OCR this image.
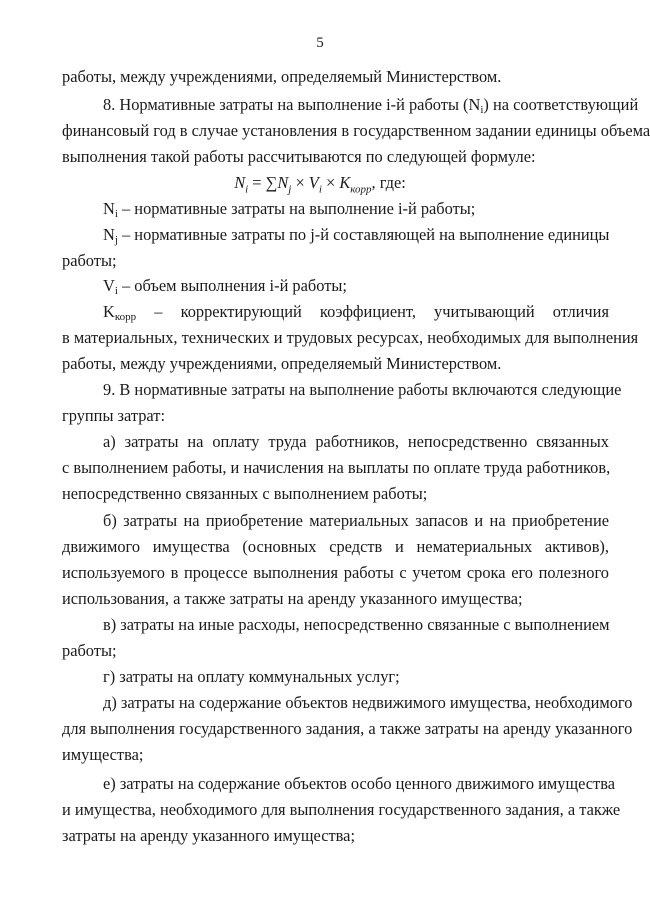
5
работы, между учреждениями, определяемый Министерством.
8. Нормативные затраты на выполнение i-й работы (Ni) на соответствующий
финансовый год в случае установления в государственном задании единицы объема
выполнения такой работы рассчитываются по следующей формуле:
Ni – нормативные затраты на выполнение i-й работы;
Nj – нормативные затраты по j-й составляющей на выполнение единицы
работы;
Vi – объем выполнения i-й работы;
Kкорр – корректирующий коэффициент, учитывающий отличия
в материальных, технических и трудовых ресурсах, необходимых для выполнения
работы, между учреждениями, определяемый Министерством.
9. В нормативные затраты на выполнение работы включаются следующие
группы затрат:
а) затраты на оплату труда работников, непосредственно связанных
с выполнением работы, и начисления на выплаты по оплате труда работников,
непосредственно связанных с выполнением работы;
б) затраты на приобретение материальных запасов и на приобретение
движимого имущества (основных средств и нематериальных активов),
используемого в процессе выполнения работы с учетом срока его полезного
использования, а также затраты на аренду указанного имущества;
в) затраты на иные расходы, непосредственно связанные с выполнением
работы;
г) затраты на оплату коммунальных услуг;
д) затраты на содержание объектов недвижимого имущества, необходимого
для выполнения государственного задания, а также затраты на аренду указанного
имущества;
е) затраты на содержание объектов особо ценного движимого имущества
и имущества, необходимого для выполнения государственного задания, а также
затраты на аренду указанного имущества;
$N_i = \sum N_j \times V_i \times K_{корр}$, где:
